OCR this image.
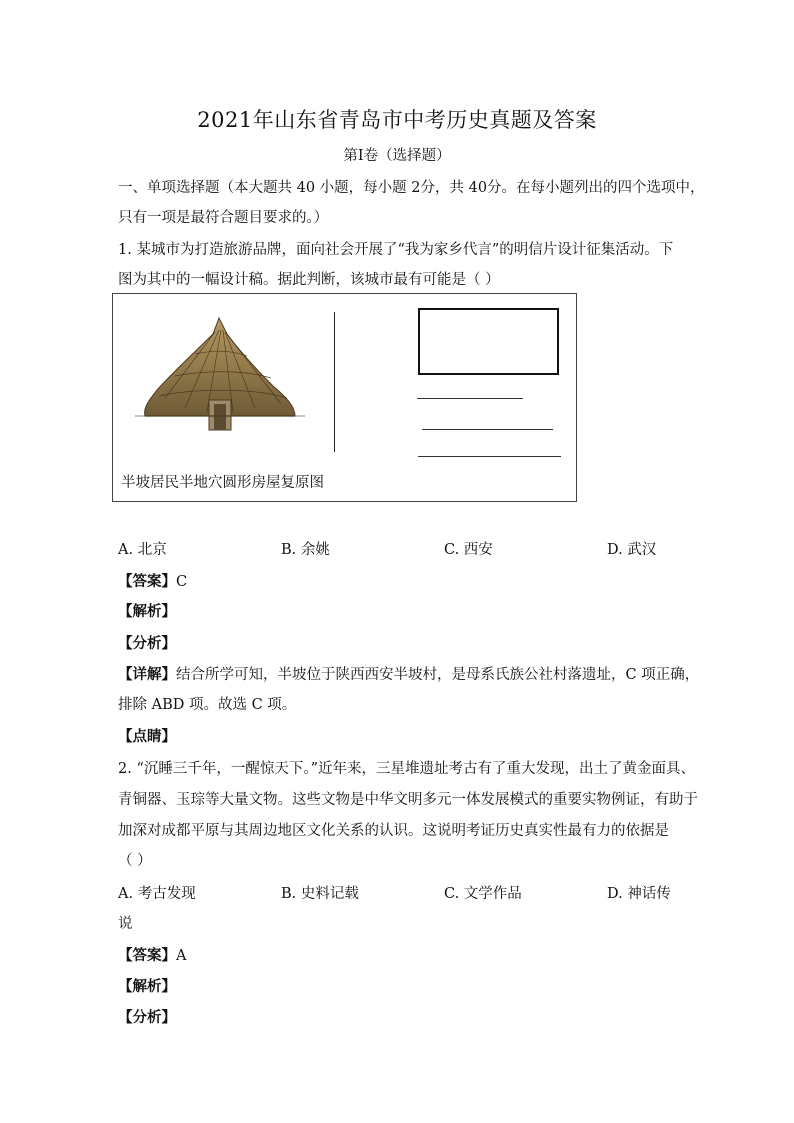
2021年山东省青岛市中考历史真题及答案
第Ⅰ卷（选择题）
一、单项选择题（本大题共 40 小题，每小题 2分，共 40分。在每小题列出的四个选项中，
只有一项是最符合题目要求的。）
1. 某城市为打造旅游品牌，面向社会开展了“我为家乡代言”的明信片设计征集活动。下
图为其中的一幅设计稿。据此判断，该城市最有可能是（ ）
半坡居民半地穴圆形房屋复原图
A. 北京	B. 余姚	C. 西安	D. 武汉
【答案】C
【解析】
【分析】
【详解】结合所学可知，半坡位于陕西西安半坡村，是母系氏族公社村落遗址，C 项正确，
排除 ABD 项。故选 C 项。
【点睛】
2. “沉睡三千年，一醒惊天下。”近年来，三星堆遗址考古有了重大发现，出土了黄金面具、
青铜器、玉琮等大量文物。这些文物是中华文明多元一体发展模式的重要实物例证，有助于
加深对成都平原与其周边地区文化关系的认识。这说明考证历史真实性最有力的依据是
（ ）
A. 考古发现	B. 史料记载	C. 文学作品	D. 神话传
说
【答案】A
【解析】
【分析】
